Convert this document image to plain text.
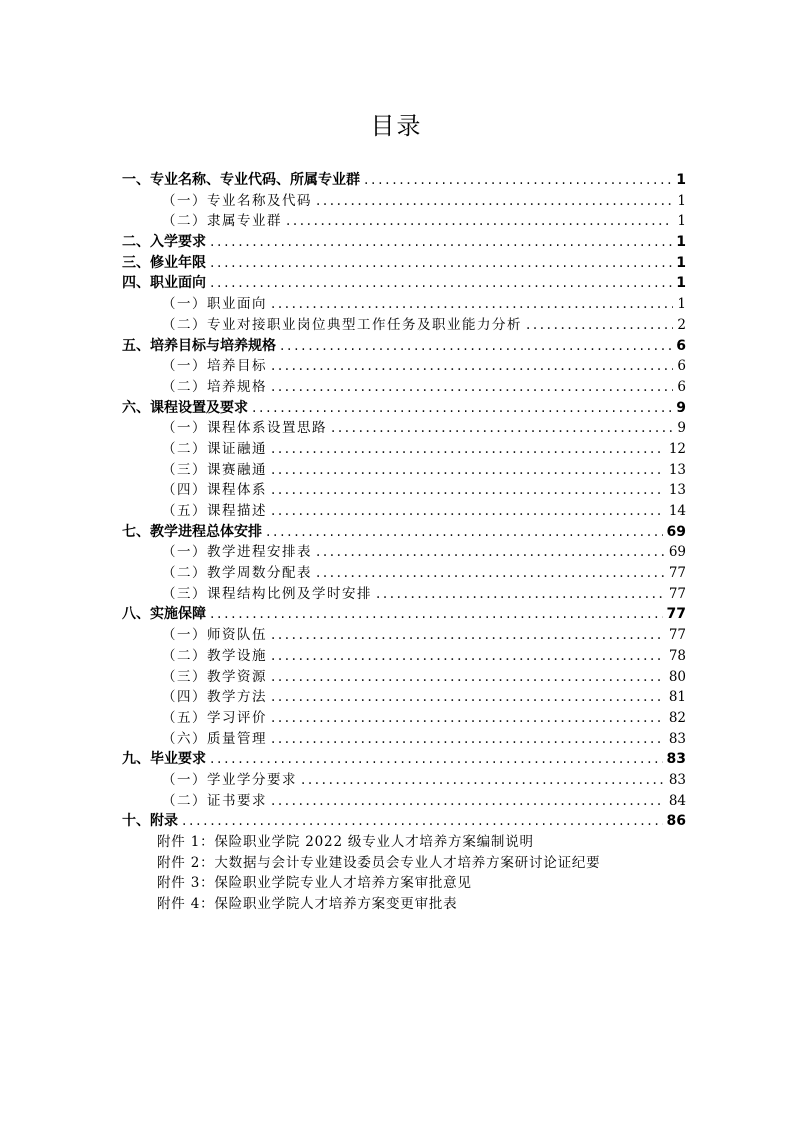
目录
一、专业名称、专业代码、所属专业群 .....	1
（一）专业名称及代码 .....	1
（二）隶属专业群 .....	1
二、入学要求 .....	1
三、修业年限 .....	1
四、职业面向 .....	1
（一）职业面向 .....	1
（二）专业对接职业岗位典型工作任务及职业能力分析 .....	2
五、培养目标与培养规格 .....	6
（一）培养目标 .....	6
（二）培养规格 .....	6
六、课程设置及要求 .....	9
（一）课程体系设置思路 .....	9
（二）课证融通 .....	12
（三）课赛融通 .....	13
（四）课程体系 .....	13
（五）课程描述 .....	14
七、教学进程总体安排 .....	69
（一）教学进程安排表 .....	69
（二）教学周数分配表 .....	77
（三）课程结构比例及学时安排 .....	77
八、实施保障 .....	77
（一）师资队伍 .....	77
（二）教学设施 .....	78
（三）教学资源 .....	80
（四）教学方法 .....	81
（五）学习评价 .....	82
（六）质量管理 .....	83
九、毕业要求 .....	83
（一）学业学分要求 .....	83
（二）证书要求 .....	84
十、附录 .....	86
附件 1：保险职业学院 2022 级专业人才培养方案编制说明
附件 2：大数据与会计专业建设委员会专业人才培养方案研讨论证纪要
附件 3：保险职业学院专业人才培养方案审批意见
附件 4：保险职业学院人才培养方案变更审批表
